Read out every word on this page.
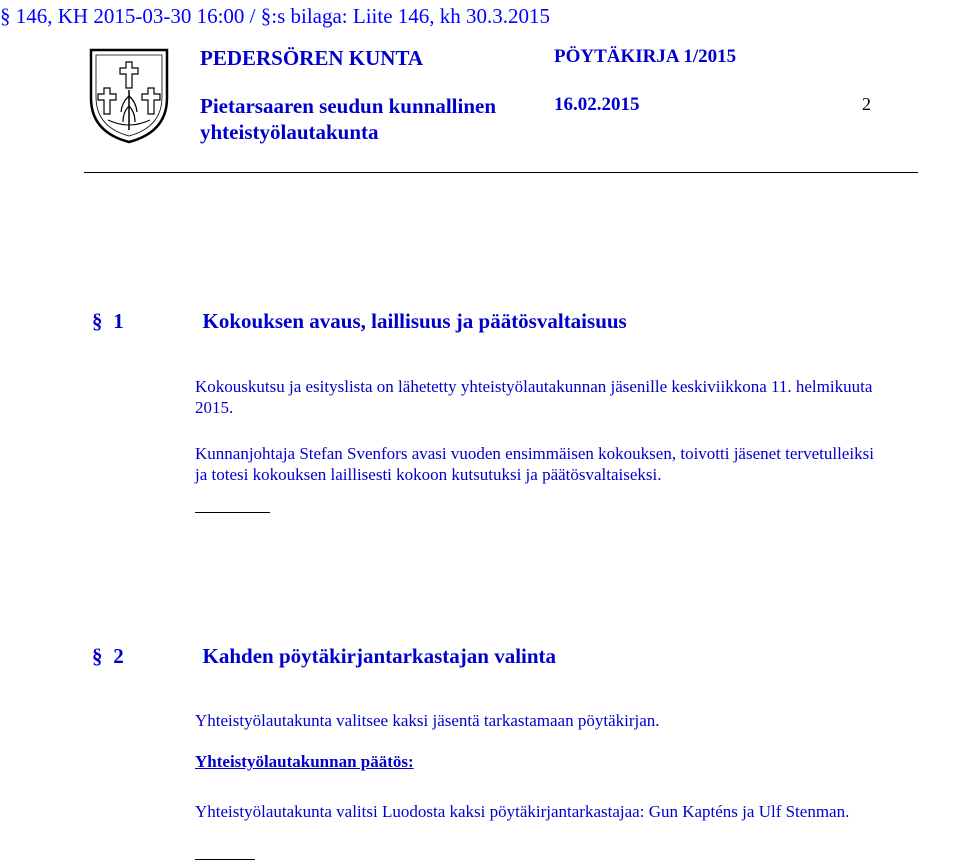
§ 146, KH 2015-03-30 16:00 / §:s bilaga: Liite 146, kh 30.3.2015
PEDERSÖREN KUNTA
Pietarsaaren seudun kunnallinen yhteistyölautakunta
PÖYTÄKIRJA 1/2015
16.02.2015	2
§ 1	Kokouksen avaus, laillisuus ja päätösvaltaisuus

Kokouskutsu ja esityslista on lähetetty yhteistyölautakunnan jäsenille keskiviikkona 11. helmikuuta 2015.

Kunnanjohtaja Stefan Svenfors avasi vuoden ensimmäisen kokouksen, toivotti jäsenet tervetulleiksi ja totesi kokouksen laillisesti kokoon kutsutuksi ja päätösvaltaiseksi.

§ 2	Kahden pöytäkirjantarkastajan valinta

Yhteistyölautakunta valitsee kaksi jäsentä tarkastamaan pöytäkirjan.

Yhteistyölautakunnan päätös:

Yhteistyölautakunta valitsi Luodosta kaksi pöytäkirjantarkastajaa: Gun Kapténs ja Ulf Stenman.
